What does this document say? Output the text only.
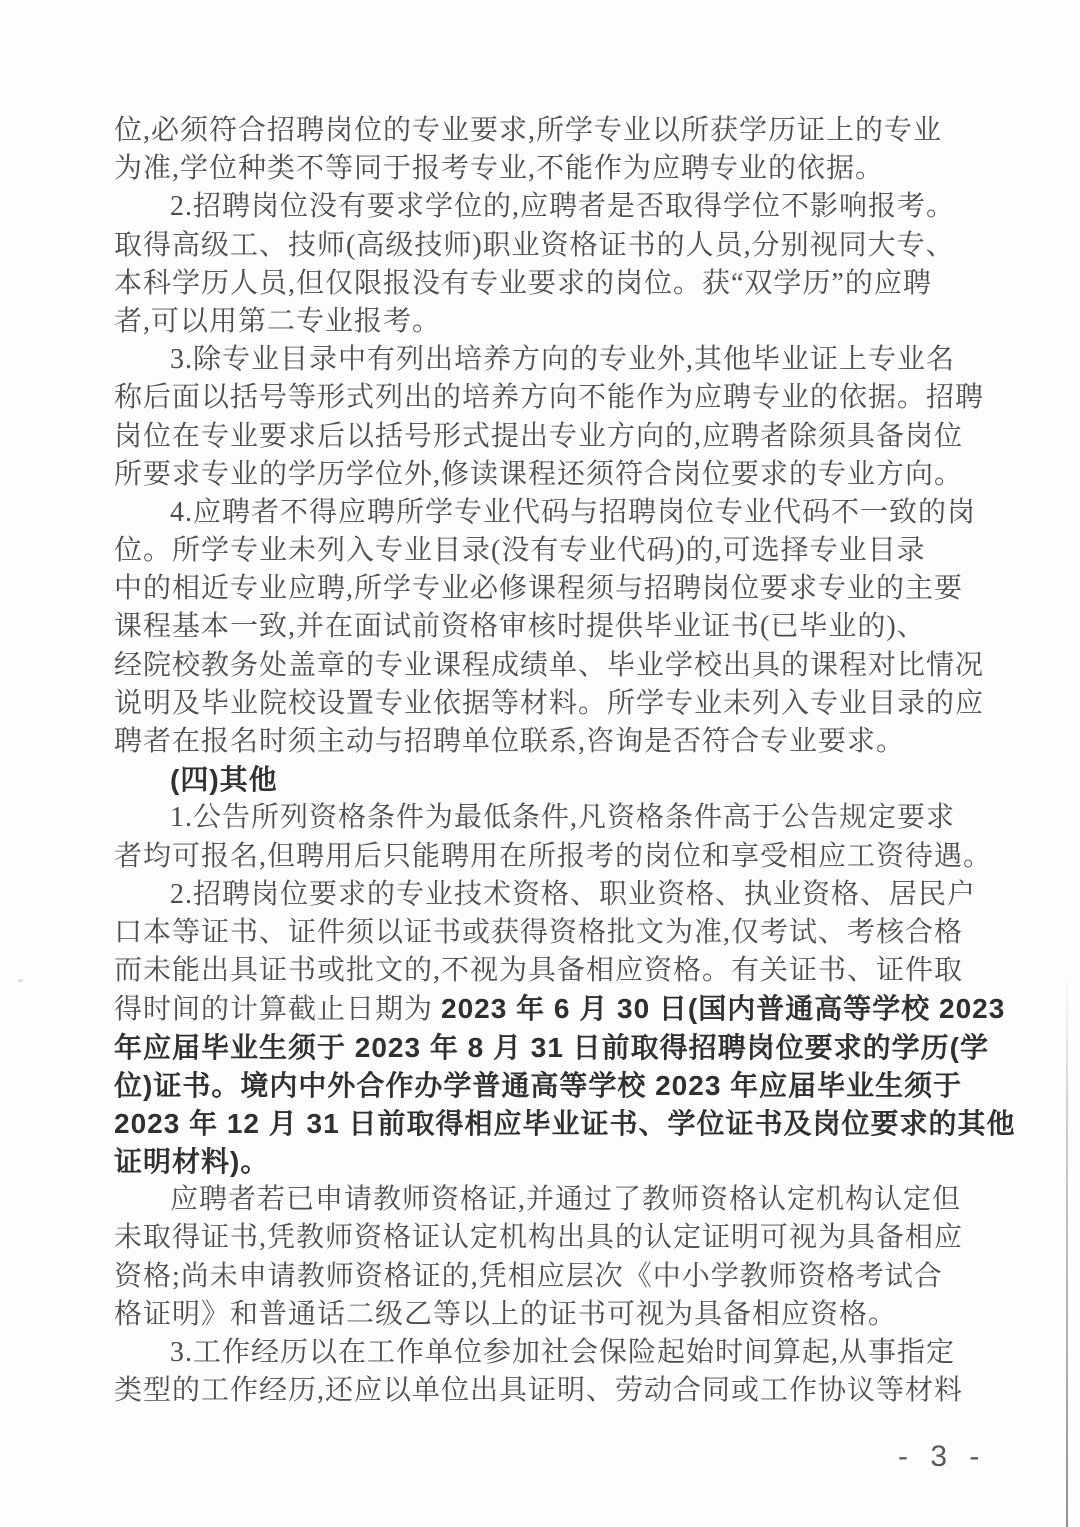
位,必须符合招聘岗位的专业要求,所学专业以所获学历证上的专业
为准,学位种类不等同于报考专业,不能作为应聘专业的依据。
2.招聘岗位没有要求学位的,应聘者是否取得学位不影响报考。
取得高级工、技师(高级技师)职业资格证书的人员,分别视同大专、
本科学历人员,但仅限报没有专业要求的岗位。获“双学历”的应聘
者,可以用第二专业报考。
3.除专业目录中有列出培养方向的专业外,其他毕业证上专业名
称后面以括号等形式列出的培养方向不能作为应聘专业的依据。招聘
岗位在专业要求后以括号形式提出专业方向的,应聘者除须具备岗位
所要求专业的学历学位外,修读课程还须符合岗位要求的专业方向。
4.应聘者不得应聘所学专业代码与招聘岗位专业代码不一致的岗
位。所学专业未列入专业目录(没有专业代码)的,可选择专业目录
中的相近专业应聘,所学专业必修课程须与招聘岗位要求专业的主要
课程基本一致,并在面试前资格审核时提供毕业证书(已毕业的)、
经院校教务处盖章的专业课程成绩单、毕业学校出具的课程对比情况
说明及毕业院校设置专业依据等材料。所学专业未列入专业目录的应
聘者在报名时须主动与招聘单位联系,咨询是否符合专业要求。
(四)其他
1.公告所列资格条件为最低条件,凡资格条件高于公告规定要求
者均可报名,但聘用后只能聘用在所报考的岗位和享受相应工资待遇。
2.招聘岗位要求的专业技术资格、职业资格、执业资格、居民户
口本等证书、证件须以证书或获得资格批文为准,仅考试、考核合格
而未能出具证书或批文的,不视为具备相应资格。有关证书、证件取
得时间的计算截止日期为 2023 年 6 月 30 日(国内普通高等学校 2023
年应届毕业生须于 2023 年 8 月 31 日前取得招聘岗位要求的学历(学
位)证书。境内中外合作办学普通高等学校 2023 年应届毕业生须于
2023 年 12 月 31 日前取得相应毕业证书、学位证书及岗位要求的其他
证明材料)。
应聘者若已申请教师资格证,并通过了教师资格认定机构认定但
未取得证书,凭教师资格证认定机构出具的认定证明可视为具备相应
资格;尚未申请教师资格证的,凭相应层次《中小学教师资格考试合
格证明》和普通话二级乙等以上的证书可视为具备相应资格。
3.工作经历以在工作单位参加社会保险起始时间算起,从事指定
类型的工作经历,还应以单位出具证明、劳动合同或工作协议等材料
- 3 -
